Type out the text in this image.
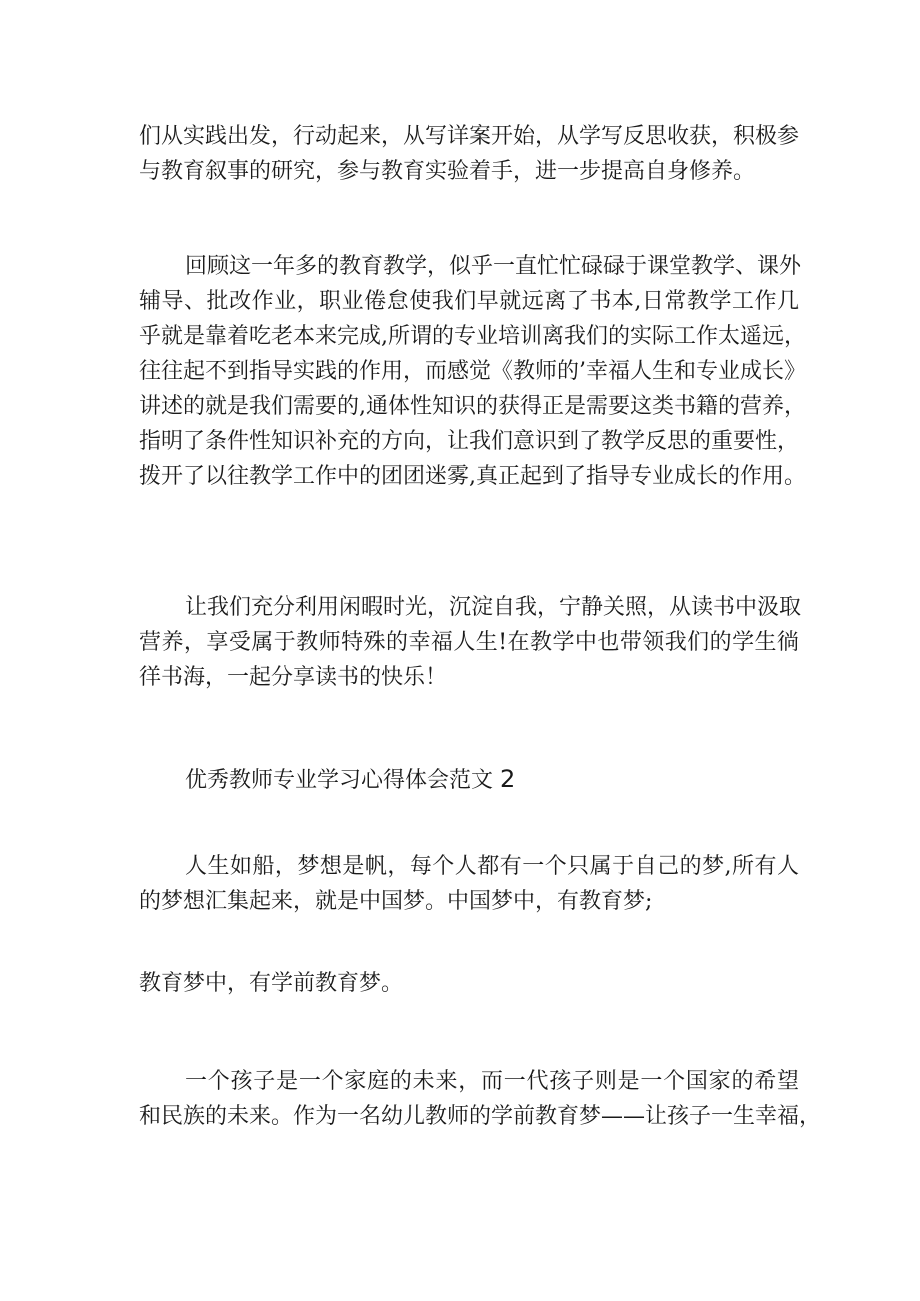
们从实践出发，行动起来，从写详案开始，从学写反思收获，积极参
与教育叙事的研究，参与教育实验着手，进一步提高自身修养。
回顾这一年多的教育教学，似乎一直忙忙碌碌于课堂教学、课外
辅导、批改作业，职业倦怠使我们早就远离了书本,日常教学工作几
乎就是靠着吃老本来完成,所谓的专业培训离我们的实际工作太遥远，
往往起不到指导实践的作用，而感觉《教师的’幸福人生和专业成长》
讲述的就是我们需要的,通体性知识的获得正是需要这类书籍的营养，
指明了条件性知识补充的方向，让我们意识到了教学反思的重要性，
拨开了以往教学工作中的团团迷雾,真正起到了指导专业成长的作用。
让我们充分利用闲暇时光，沉淀自我，宁静关照，从读书中汲取
营养，享受属于教师特殊的幸福人生!在教学中也带领我们的学生徜
徉书海，一起分享读书的快乐！
优秀教师专业学习心得体会范文 2
人生如船，梦想是帆，每个人都有一个只属于自己的梦,所有人
的梦想汇集起来，就是中国梦。中国梦中，有教育梦;
教育梦中，有学前教育梦。
一个孩子是一个家庭的未来，而一代孩子则是一个国家的希望
和民族的未来。作为一名幼儿教师的学前教育梦——让孩子一生幸福，
